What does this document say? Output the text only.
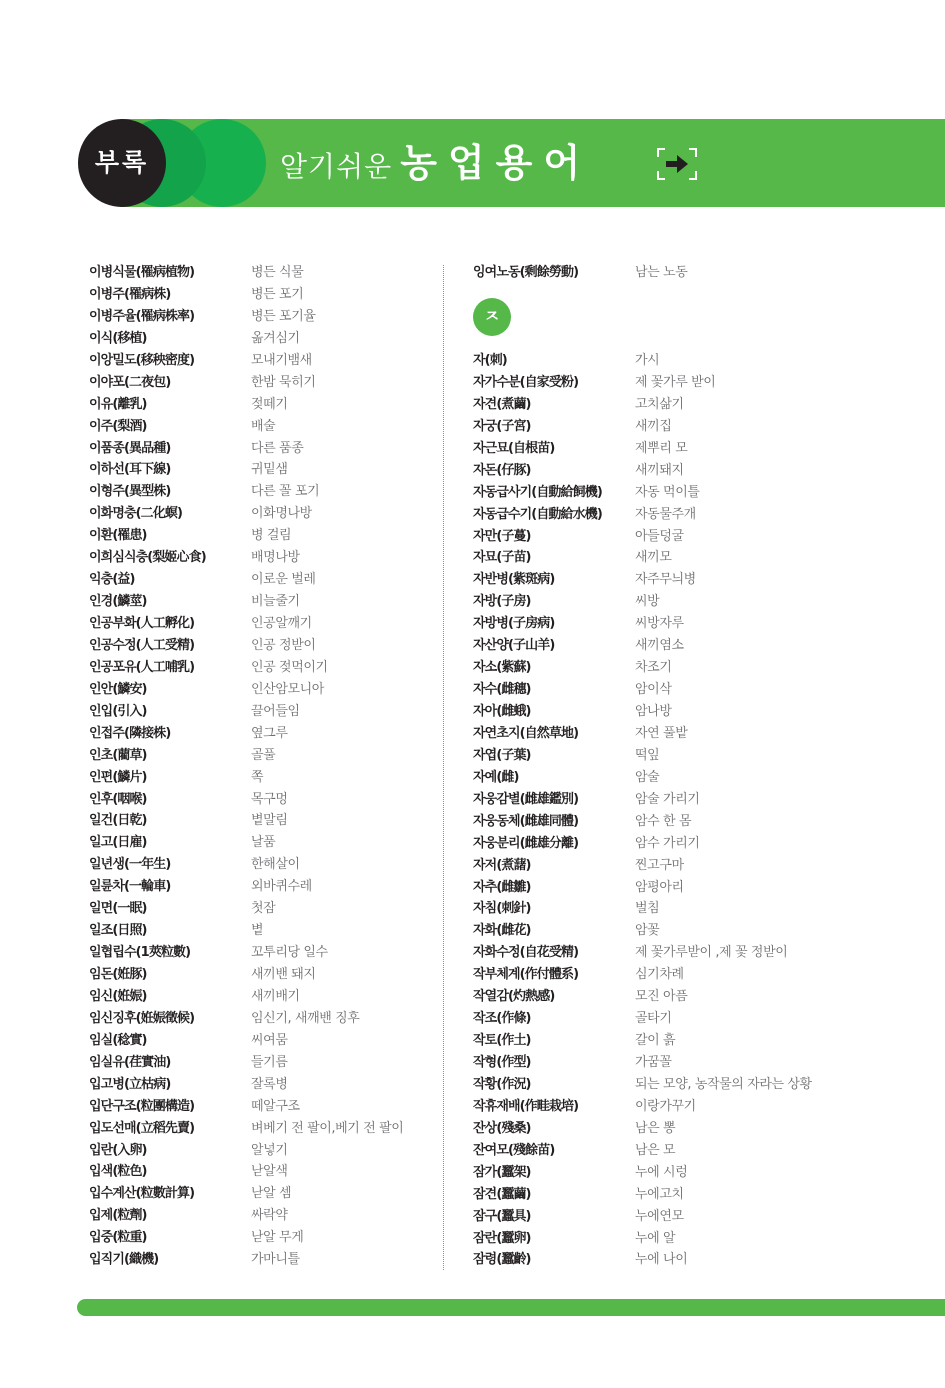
부록	알기쉬운 농업용어
이병식물(罹病植物)	병든 식물
이병주(罹病株)	병든 포기
이병주율(罹病株率)	병든 포기율
이식(移植)	옮겨심기
이앙밀도(移秧密度)	모내기뱀새
이야포(二夜包)	한밤 묵히기
이유(離乳)	젖떼기
이주(梨酒)	배술
이품종(異品種)	다른 품종
이하선(耳下線)	귀밑샘
이형주(異型株)	다른 꼴 포기
이화명충(二化螟)	이화명나방
이환(罹患)	병 걸림
이희심식충(梨姬心食)	배명나방
익충(益)	이로운 벌레
인경(鱗莖)	비늘줄기
인공부화(人工孵化)	인공알깨기
인공수정(人工受精)	인공 정받이
인공포유(人工哺乳)	인공 젖먹이기
인안(鱗安)	인산암모니아
인입(引入)	끌어들임
인접주(隣接株)	옆그루
인초(藺草)	골풀
인편(鱗片)	쪽
인후(咽喉)	목구멍
일건(日乾)	볕말림
일고(日雇)	날품
일년생(一年生)	한해살이
일륜차(一輪車)	외바퀴수레
일면(一眠)	첫잠
일조(日照)	볕
일협립수(1莢粒數)	꼬투리당 일수
임돈(姙豚)	새끼밴 돼지
임신(姙娠)	새끼배기
임신징후(姙娠徵候)	임신기, 새깨밴 징후
임실(稔實)	씨여뭄
임실유(荏實油)	들기름
입고병(立枯病)	잘록병
입단구조(粒團構造)	떼알구조
입도선매(立稻先賣)	벼베기 전 팔이,베기 전 팔이
입란(入卵)	알넣기
입색(粒色)	낟알색
입수계산(粒數計算)	낟알 셈
입제(粒劑)	싸락약
입중(粒重)	낟알 무게
입직기(織機)	가마니틀
잉여노동(剩餘勞動)	남는 노동
ㅈ
자(刺)	가시
자가수분(自家受粉)	제 꽃가루 받이
자견(煮繭)	고치삶기
자궁(子宮)	새끼집
자근묘(自根苗)	제뿌리 모
자돈(仔豚)	새끼돼지
자동급사기(自動給飼機)	자동 먹이틀
자동급수기(自動給水機)	자동물주개
자만(子蔓)	아들덩굴
자묘(子苗)	새끼모
자반병(紫斑病)	자주무늬병
자방(子房)	씨방
자방병(子房病)	씨방자루
자산양(子山羊)	새끼염소
자소(紫蘇)	차조기
자수(雌穗)	암이삭
자아(雌蛾)	암나방
자연초지(自然草地)	자연 풀밭
자엽(子葉)	떡잎
자예(雌)	암술
자웅감별(雌雄鑑別)	암술 가리기
자웅동체(雌雄同體)	암수 한 몸
자웅분리(雌雄分離)	암수 가리기
자저(煮藷)	찐고구마
자추(雌雛)	암평아리
자침(刺針)	벌침
자화(雌花)	암꽃
자화수정(自花受精)	제 꽃가루받이 ,제 꽃 정받이
작부체계(作付體系)	심기차례
작열감(灼熱感)	모진 아픔
작조(作條)	골타기
작토(作土)	갈이 흙
작형(作型)	가꿈꼴
작황(作況)	되는 모양, 농작물의 자라는 상황
작휴재배(作畦栽培)	이랑가꾸기
잔상(殘桑)	남은 뽕
잔여모(殘餘苗)	남은 모
잠가(蠶架)	누에 시렁
잠견(蠶繭)	누에고치
잠구(蠶具)	누에연모
잠란(蠶卵)	누에 알
잠령(蠶齡)	누에 나이
